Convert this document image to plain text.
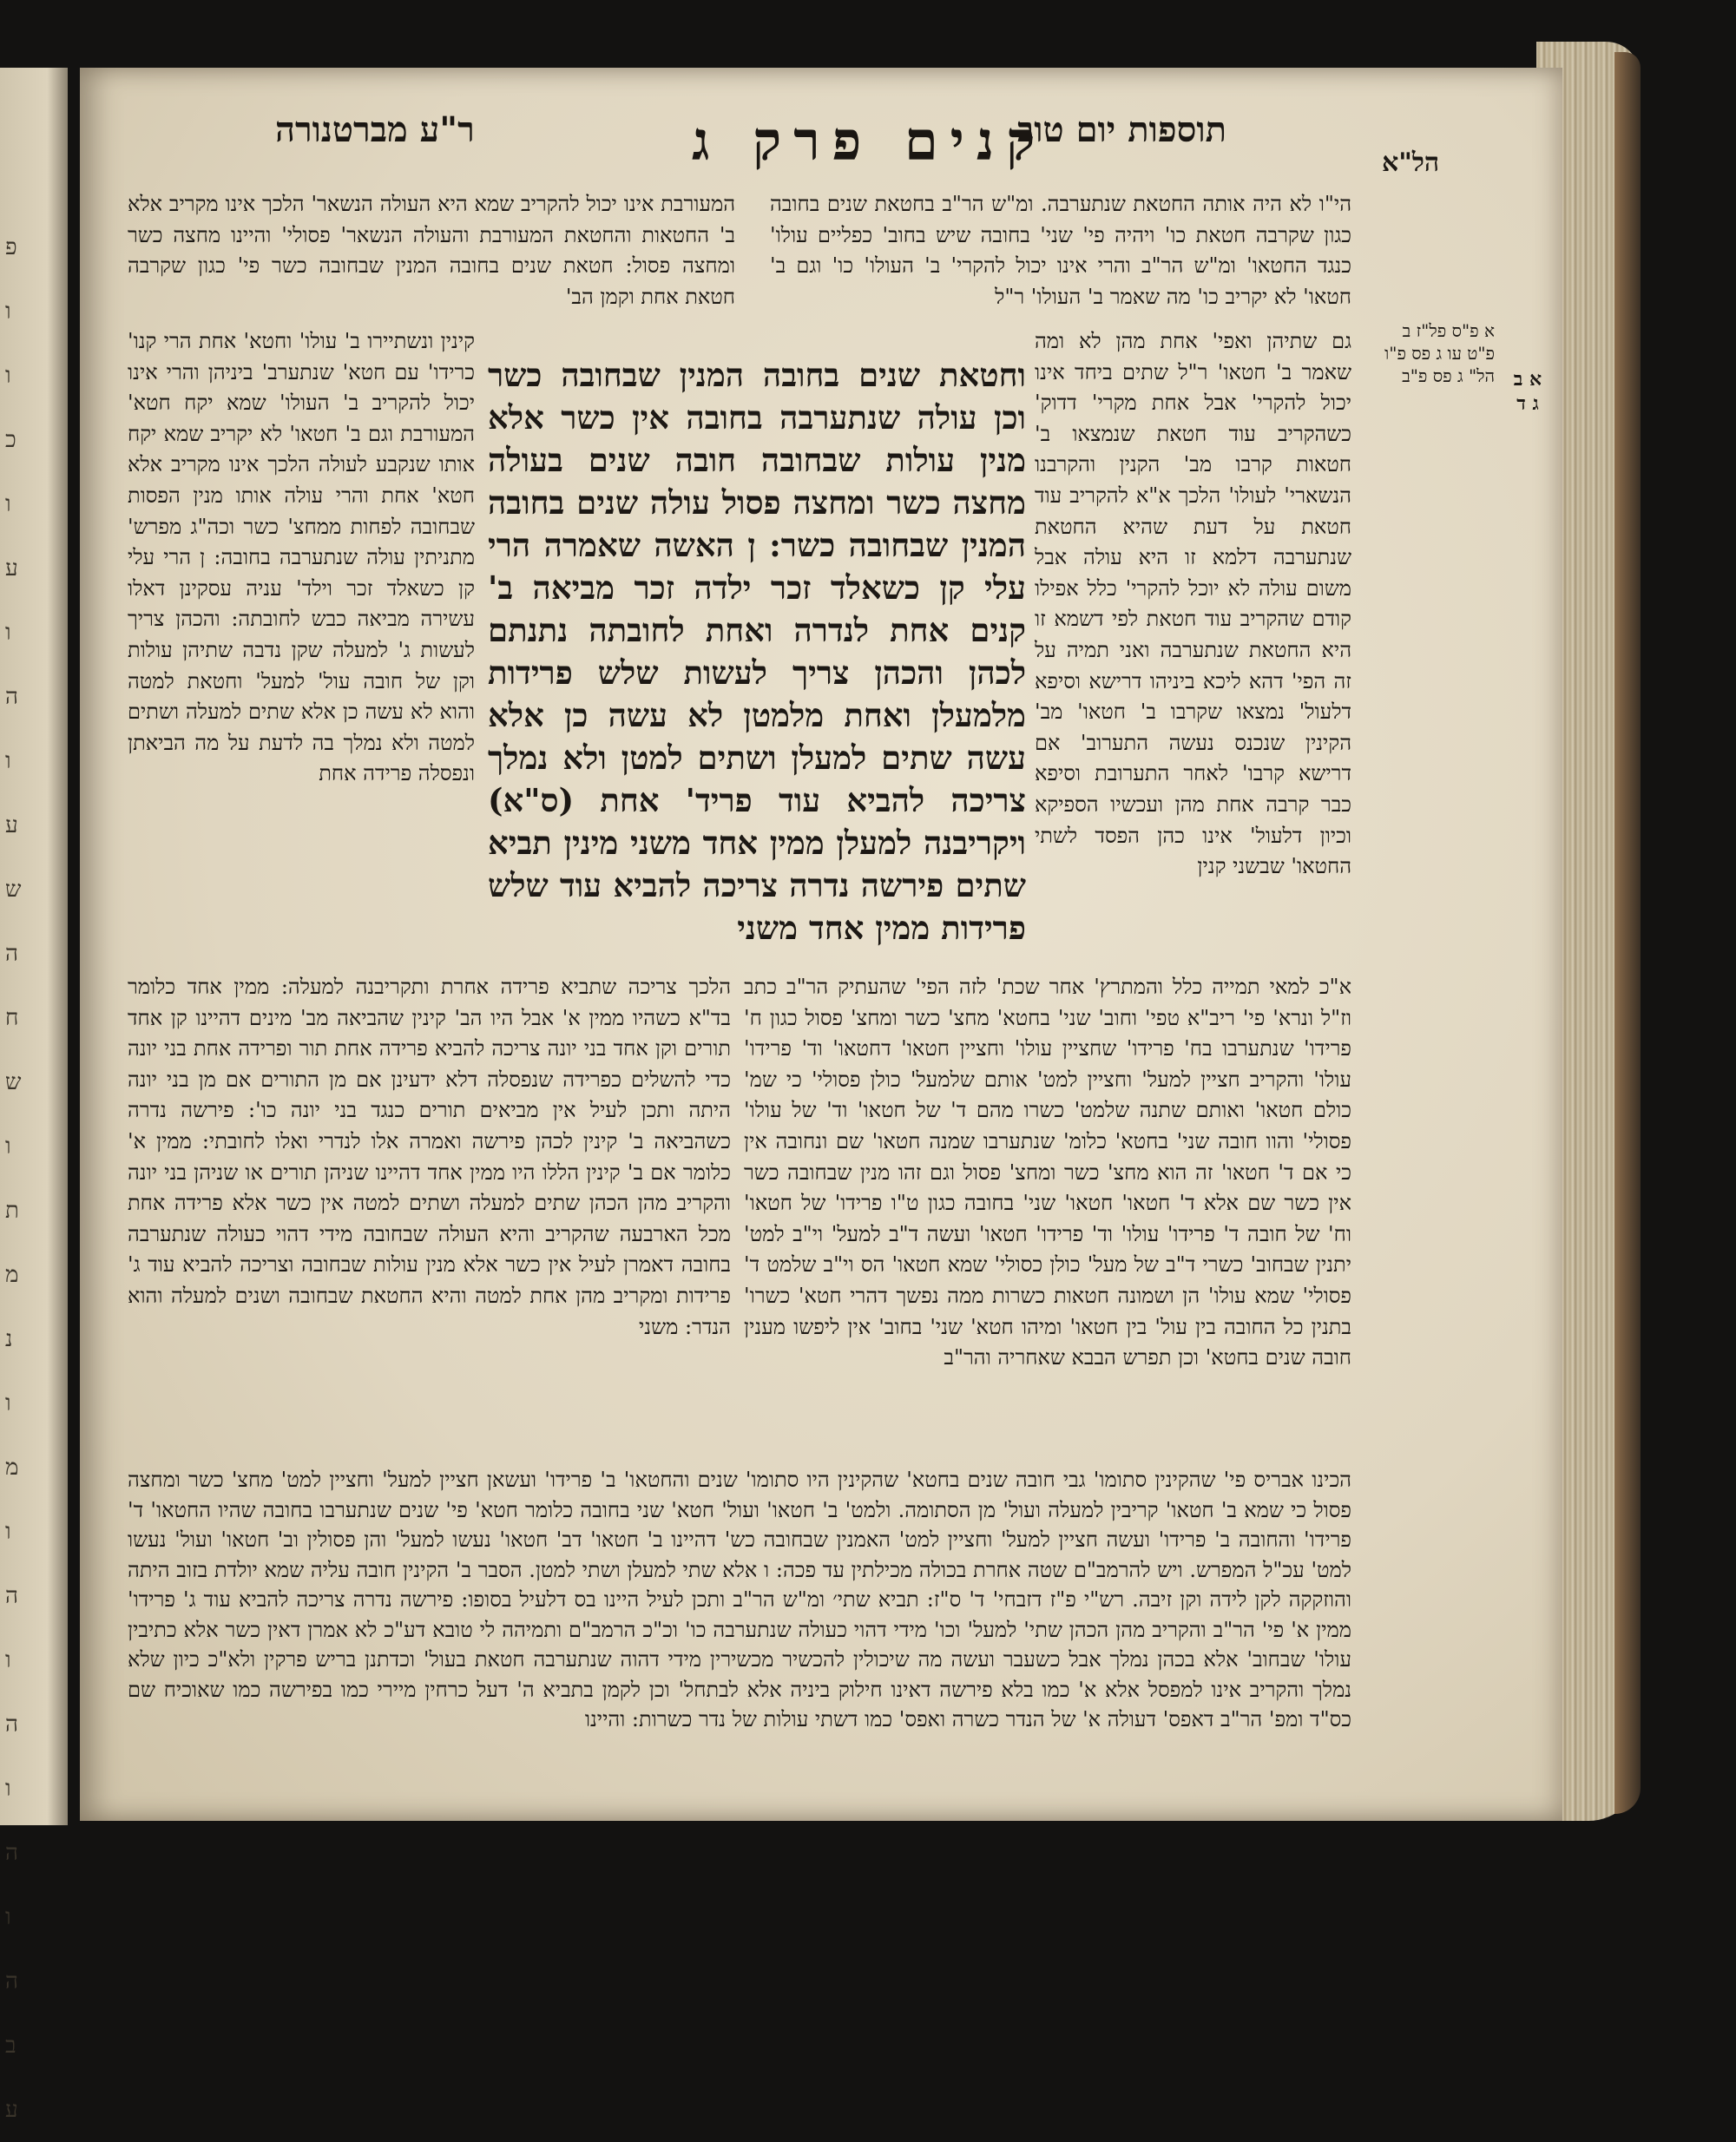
פ ו ו כ ו ע ו ה ו ע ש ה ח ש ו ת מ נ ו מ ו ה ו ה ו ה ו ה ב ע
ר"ע מברטנורה	קנים פרק ג
תוספות יום טוב
הל"א
א פ"ס פל"ז ב פ"ט עו ג פס פ"ו הל" ג פס פ"ב א ב ג ד
הי"ו לא היה אותה החטאת שנתערבה. ומ"ש הר"ב בחטאת שנים בחובה כגון שקרבה חטאת כו' ויהיה פי' שני' בחובה שיש בחוב' כפליים עולו' כנגד החטאו' ומ"ש הר"ב והרי אינו יכול להקרי' ב' העולו' כו' וגם ב' חטאו' לא יקריב כו' מה שאמר ב' העולו' ר"ל
המעורבת אינו יכול להקריב שמא היא העולה הנשאר' הלכך אינו מקריב אלא ב' החטאות והחטאת המעורבת והעולה הנשאר' פסולי' והיינו מחצה כשר ומחצה פסול: חטאת שנים בחובה המנין שבחובה כשר פי' כגון שקרבה חטאת אחת וקמן הב'
גם שתיהן ואפי' אחת מהן לא ומה שאמר ב' חטאו' ר"ל שתים ביחד אינו יכול להקרי' אבל אחת מקרי' דדוק' כשהקריב עוד חטאת שנמצאו ב' חטאות קרבו מב' הקנין והקרבנו הנשארי' לעולו' הלכך א"א להקריב עוד חטאת על דעת שהיא החטאת שנתערבה דלמא זו היא עולה אבל משום עולה לא יוכל להקרי' כלל אפילו קודם שהקריב עוד חטאת לפי דשמא זו היא החטאת שנתערבה ואני תמיה על זה הפי' דהא ליכא ביניהו דרישא וסיפא דלעול' נמצאו שקרבו ב' חטאו' מב' הקינין שנכנס נעשה התערוב' אם דרישא קרבו' לאחר התערובת וסיפא כבר קרבה אחת מהן ועכשיו הספיקא וכיון דלעול' אינו כהן הפסד לשתי החטאו' שבשני קנין
קינין ונשתיירו ב' עולו' וחטא' אחת הרי קנו' כרידו' עם חטא' שנתערב' ביניהן והרי אינו יכול להקריב ב' העולו' שמא יקח חטא' המעורבת וגם ב' חטאו' לא יקריב שמא יקח אותו שנקבע לעולה הלכך אינו מקריב אלא חטא' אחת והרי עולה אותו מנין הפסות שבחובה לפחות ממחצ' כשר וכה"ג מפרש' מתניתין עולה שנתערבה בחובה: ן הרי עלי קן כשאלד זכר וילד' עניה עסקינן דאלו עשירה מביאה כבש לחובתה: והכהן צריך לעשות ג' למעלה שקן נדבה שתיהן עולות וקן של חובה עול' למעל' וחטאת למטה והוא לא עשה כן אלא שתים למעלה ושתים למטה ולא נמלך בה לדעת על מה הביאתן ונפסלה פרידה אחת
וחטאת שנים בחובה המנין שבחובה כשר וכן עולה שנתערבה בחובה אין כשר אלא מנין עולות שבחובה חובה שנים בעולה מחצה כשר ומחצה פסול עולה שנים בחובה המנין שבחובה כשר: ן האשה שאמרה הרי עלי קן כשאלד זכר ילדה זכר מביאה ב' קנים אחת לנדרה ואחת לחובתה נתנתם לכהן והכהן צריך לעשות שלש פרידות מלמעלן ואחת מלמטן לא עשה כן אלא עשה שתים למעלן ושתים למטן ולא נמלך צריכה להביא עוד פריד' אחת (ס"א) ויקריבנה למעלן ממין אחד משני מינין תביא שתים פירשה נדרה צריכה להביא עוד שלש פרידות ממין אחד משני
א"כ למאי תמייה כלל והמתרץ' אחר שכת' לזה הפי' שהעתיק הר"ב כתב וז"ל ונרא' פי' ריב"א טפי' וחוב' שני' בחטא' מחצ' כשר ומחצ' פסול כגון ח' פרידו' שנתערבו בח' פרידו' שחציין עולו' וחציין חטאו' דחטאו' וד' פרידו' עולו' והקריב חציין למעל' וחציין למט' אותם שלמעל' כולן פסולי' כי שמ' כולם חטאו' ואותם שתנה שלמט' כשרו מהם ד' של חטאו' וד' של עולו' פסולי' והוו חובה שני' בחטא' כלומ' שנתערבו שמנה חטאו' שם ונחובה אין כי אם ד' חטאו' זה הוא מחצ' כשר ומחצ' פסול וגם זהו מנין שבחובה כשר אין כשר שם אלא ד' חטאו' חטאו' שני' בחובה כגון ט"ו פרידו' של חטאו' וח' של חובה ד' פרידו' עולו' וד' פרידו' חטאו' ועשה ד"ב למעל' וי"ב למט' יתנין שבחוב' כשרי ד"ב של מעל' כולן כסולי' שמא חטאו' הס וי"ב שלמט ד' פסולי' שמא עולו' הן ושמונה חטאות כשרות ממה נפשך דהרי חטא' כשרו' בתנין כל החובה בין עול' בין חטאו' ומיהו חטא' שני' בחוב' אין ליפשו מענין חובה שנים בחטא' וכן תפרש הבבא שאחריה והר"ב
הלכך צריכה שתביא פרידה אחרת ותקריבנה למעלה: ממין אחד כלומר בד"א כשהיו ממין א' אבל היו הב' קינין שהביאה מב' מינים דהיינו קן אחד תורים וקן אחד בני יונה צריכה להביא פרידה אחת תור ופרידה אחת בני יונה כדי להשלים כפרידה שנפסלה דלא ידעינן אם מן התורים אם מן בני יונה היתה ותכן לעיל אין מביאים תורים כנגד בני יונה כו': פירשה נדרה כשהביאה ב' קינין לכהן פירשה ואמרה אלו לנדרי ואלו לחובתי: ממין א' כלומר אם ב' קינין הללו היו ממין אחד דהיינו שניהן תורים או שניהן בני יונה והקריב מהן הכהן שתים למעלה ושתים למטה אין כשר אלא פרידה אחת מכל הארבעה שהקריב והיא העולה שבחובה מידי דהוי כעולה שנתערבה בחובה דאמרן לעיל אין כשר אלא מנין עולות שבחובה וצריכה להביא עוד ג' פרידות ומקריב מהן אחת למטה והיא החטאת שבחובה ושנים למעלה והוא הנדר: משני
הכינו אבריס פי' שהקינין סתומו' גבי חובה שנים בחטא' שהקינין היו סתומו' שנים והחטאו' ב' פרידו' ועשאן חציין למעל' וחציין למט' מחצ' כשר ומחצה פסול כי שמא ב' חטאו' קריבין למעלה ועול' מן הסתומה. ולמט' ב' חטאו' ועול' חטא' שני בחובה כלומר חטא' פי' שנים שנתערבו בחובה שהיו החטאו' ד' פרידו' והחובה ב' פרידו' ועשה חציין למעל' וחציין למט' האמנין שבחובה כש' דהיינו ב' חטאו' דב' חטאו' נעשו למעל' והן פסולין וב' חטאו' ועול' נעשו למט' עכ"ל המפרש. ויש להרמב"ם שטה אחרת בכולה מכילתין עד פכה: ו אלא שתי למעלן ושתי למטן. הסבר ב' הקינין חובה עליה שמא יולדת בזוב היתה והוזקקה לקן לידה וקן זיבה. רש"י פ"ז דזבחי' ד' ס"ז: תביא שתי׳ ומ"ש הר"ב ותכן לעיל היינו בס דלעיל בסופו: פירשה נדרה צריכה להביא עוד ג' פרידו' ממין א' פי' הר"ב והקריב מהן הכהן שתי' למעל' וכו' מידי דהוי כעולה שנתערבה כו' וכ"כ הרמב"ם ותמיהה לי טובא דע"כ לא אמרן דאין כשר אלא כתיבין עולו' שבחוב' אלא בכהן נמלך אבל כשעבר ועשה מה שיכולין להכשיר מכשירין מידי דהוה שנתערבה חטאת בעול' וכדתנן בריש פרקין ולא"כ כיון שלא נמלך והקריב אינו למפסל אלא א' כמו בלא פירשה דאינו חילוק ביניה אלא לבתחל' וכן לקמן בתביא ה' דעל כרחין מיירי כמו בפירשה כמו שאוכיח שם כס"ד ומפ' הר"ב דאפס' דעולה א' של הנדר כשרה ואפס' כמו דשתי עולות של נדר כשרות: והיינו
